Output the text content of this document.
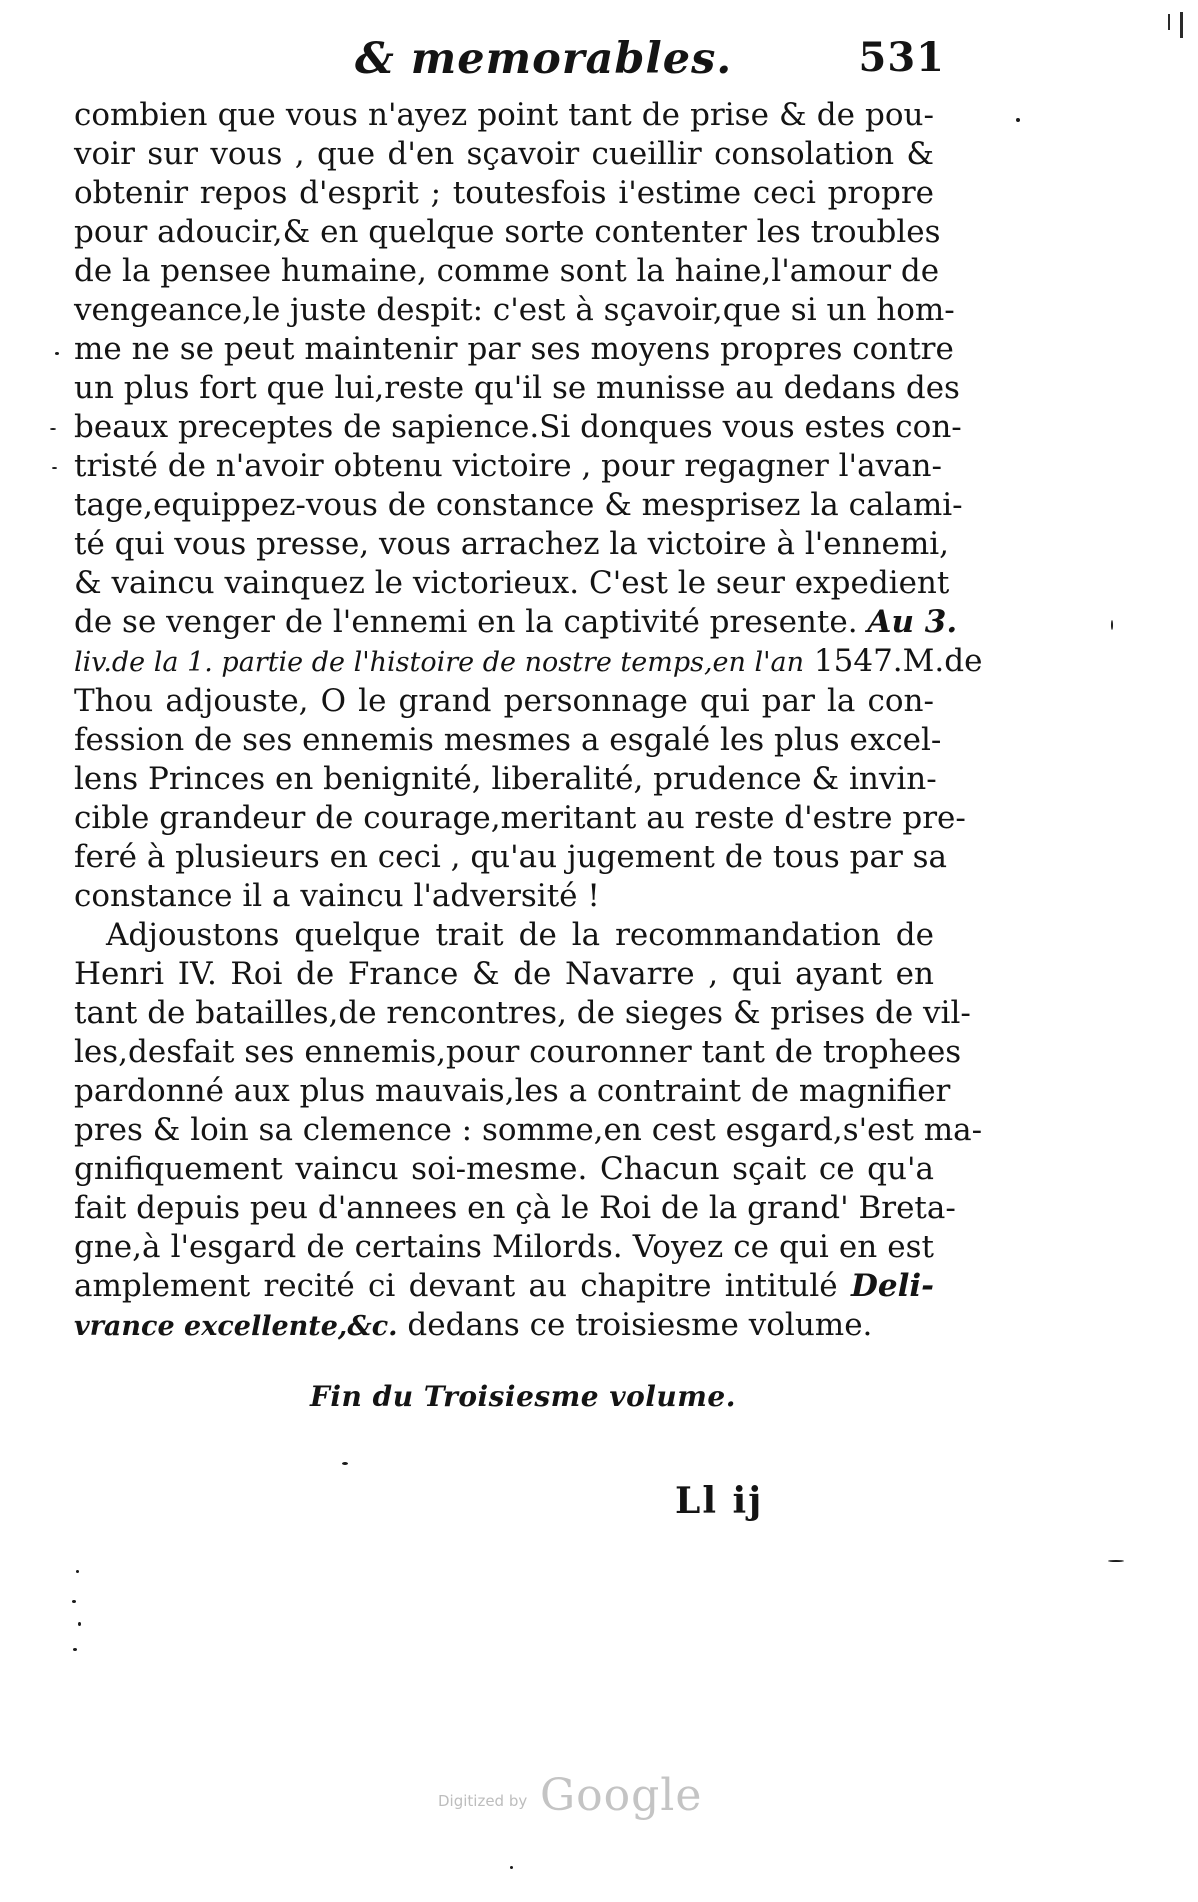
& memorables.	531
combien que vous n'ayez point tant de prise & de pou-
voir sur vous , que d'en sçavoir cueillir consolation &
obtenir repos d'esprit ; toutesfois i'estime ceci propre
pour adoucir,& en quelque sorte contenter les troubles
de la pensee humaine, comme sont la haine,l'amour de
vengeance,le juste despit: c'est à sçavoir,que si un hom-
me ne se peut maintenir par ses moyens propres contre
un plus fort que lui,reste qu'il se munisse au dedans des
beaux preceptes de sapience.Si donques vous estes con-
tristé de n'avoir obtenu victoire , pour regagner l'avan-
tage,equippez-vous de constance & mesprisez la calami-
té qui vous presse, vous arrachez la victoire à l'ennemi,
& vaincu vainquez le victorieux. C'est le seur expedient
de se venger de l'ennemi en la captivité presente. Au 3.
liv.de la 1. partie de l'histoire de nostre temps,en l'an 1547.M.de
Thou adjouste, O le grand personnage qui par la con-
fession de ses ennemis mesmes a esgalé les plus excel-
lens Princes en benignité, liberalité, prudence & invin-
cible grandeur de courage,meritant au reste d'estre pre-
feré à plusieurs en ceci , qu'au jugement de tous par sa
constance il a vaincu l'adversité !
Adjoustons quelque trait de la recommandation de
Henri IV. Roi de France & de Navarre , qui ayant en
tant de batailles,de rencontres, de sieges & prises de vil-
les,desfait ses ennemis,pour couronner tant de trophees
pardonné aux plus mauvais,les a contraint de magnifier
pres & loin sa clemence : somme,en cest esgard,s'est ma-
gnifiquement vaincu soi-mesme. Chacun sçait ce qu'a
fait depuis peu d'annees en çà le Roi de la grand' Breta-
gne,à l'esgard de certains Milords. Voyez ce qui en est
amplement recité ci devant au chapitre intitulé Deli-
vrance excellente,&c. dedans ce troisiesme volume.
Fin du Troisiesme volume.
Ll ij
Digitized by Google
